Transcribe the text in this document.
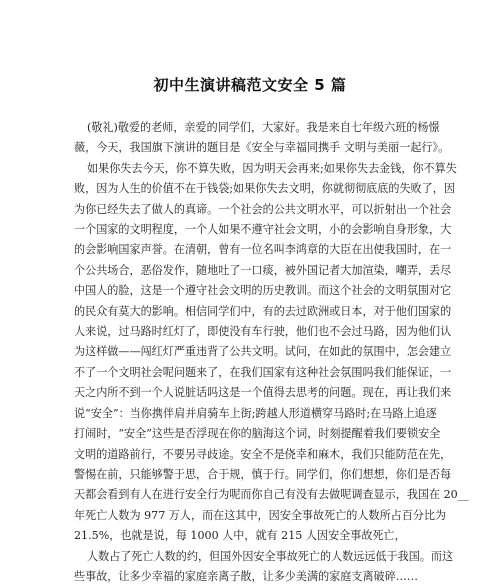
初中生演讲稿范文安全 5 篇
(敬礼)敬爱的老师，亲爱的同学们，大家好。我是来自七年级六班的杨憬
薇，今天，我国旗下演讲的题目是《安全与幸福同携手 文明与美丽一起行》。
如果你失去今天，你不算失败，因为明天会再来;如果你失去金钱，你不算失
败，因为人生的价值不在于钱袋;如果你失去文明，你就彻彻底底的失败了，因
为你已经失去了做人的真谛。一个社会的公共文明水平，可以折射出一个社会
一个国家的文明程度，一个人如果不遵守社会文明，小的会影响自身形象，大
的会影响国家声誉。在清朝，曾有一位名叫李鸿章的大臣在出使我国时，在一
个公共场合，恶俗发作，随地吐了一口痰，被外国记者大加渲染，嘲弄，丢尽
中国人的脸，这是一个遵守社会文明的历史教训。而这个社会的文明氛围对它
的民众有莫大的影响。相信同学们中，有的去过欧洲或日本，对于他们国家的
人来说，过马路时红灯了，即使没有车行驶，他们也不会过马路，因为他们认
为这样做——闯红灯严重违背了公共文明。试问，在如此的氛围中，怎会建立
不了一个文明社会呢问题来了，在我们国家有这种社会氛围吗我们能保证，一
天之内所不到一个人说脏话吗这是一个值得去思考的问题。现在，再让我们来
说“安全”：当你携伴肩并肩骑车上街;跨越人形道横穿马路时;在马路上追逐
打闹时，“安全”这些是否浮现在你的脑海这个词，时刻提醒着我们要锁安全
文明的道路前行，不要另寻歧途。安全不是侥幸和麻木，我们只能防范在先，
警惕在前，只能够警于思，合于规，慎于行。同学们，你们想想，你们是否每
天都会看到有人在进行安全行为呢而你自己有没有去做呢调查显示，我国在 20__
年死亡人数为 977 万人，而在这其中，因安全事故死亡的人数所占百分比为
21.5%，也就是说，每 1000 人中，就有 215 人因安全事故死亡，
人数占了死亡人数的约，但国外因安全事故死亡的人数远远低于我国。而这
些事故，让多少幸福的家庭亲离子散，让多少美满的家庭支离破碎……
